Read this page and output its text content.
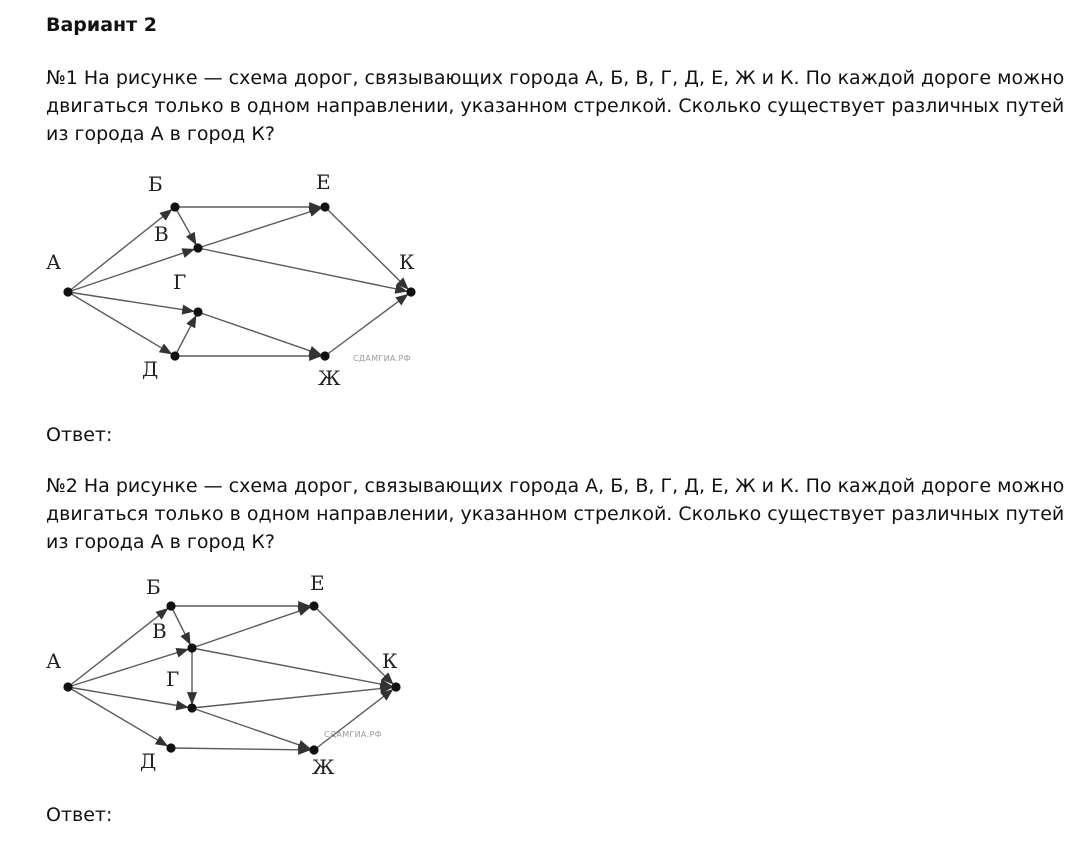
Вариант 2

№1 На рисунке — схема дорог, связывающих города А, Б, В, Г, Д, Е, Ж и К. По каждой дороге можно двигаться только в одном направлении, указанном стрелкой. Сколько существует различных путей из города А в город К?

Б	Е
В
А	К
Г
Д	Ж
СДАМГИА.РФ
Ответ:

№2 На рисунке — схема дорог, связывающих города А, Б, В, Г, Д, Е, Ж и К. По каждой дороге можно двигаться только в одном направлении, указанном стрелкой. Сколько существует различных путей из города А в город К?

Б	Е
В
А	К
Г
Д	Ж
СДАМГИА.РФ
Ответ:
